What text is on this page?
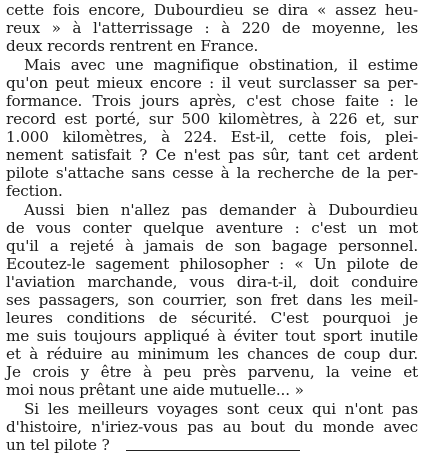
cette fois encore, Dubourdieu se dira « assez heu-
reux » à l'atterrissage : à 220 de moyenne, les
deux records rentrent en France.
Mais avec une magnifique obstination, il estime
qu'on peut mieux encore : il veut surclasser sa per-
formance. Trois jours après, c'est chose faite : le
record est porté, sur 500 kilomètres, à 226 et, sur
1.000 kilomètres, à 224. Est-il, cette fois, plei-
nement satisfait ? Ce n'est pas sûr, tant cet ardent
pilote s'attache sans cesse à la recherche de la per-
fection.
Aussi bien n'allez pas demander à Dubourdieu
de vous conter quelque aventure : c'est un mot
qu'il a rejeté à jamais de son bagage personnel.
Ecoutez-le sagement philosopher : « Un pilote de
l'aviation marchande, vous dira-t-il, doit conduire
ses passagers, son courrier, son fret dans les meil-
leures conditions de sécurité. C'est pourquoi je
me suis toujours appliqué à éviter tout sport inutile
et à réduire au minimum les chances de coup dur.
Je crois y être à peu près parvenu, la veine et
moi nous prêtant une aide mutuelle... »
Si les meilleurs voyages sont ceux qui n'ont pas
d'histoire, n'iriez-vous pas au bout du monde avec
un tel pilote ?
